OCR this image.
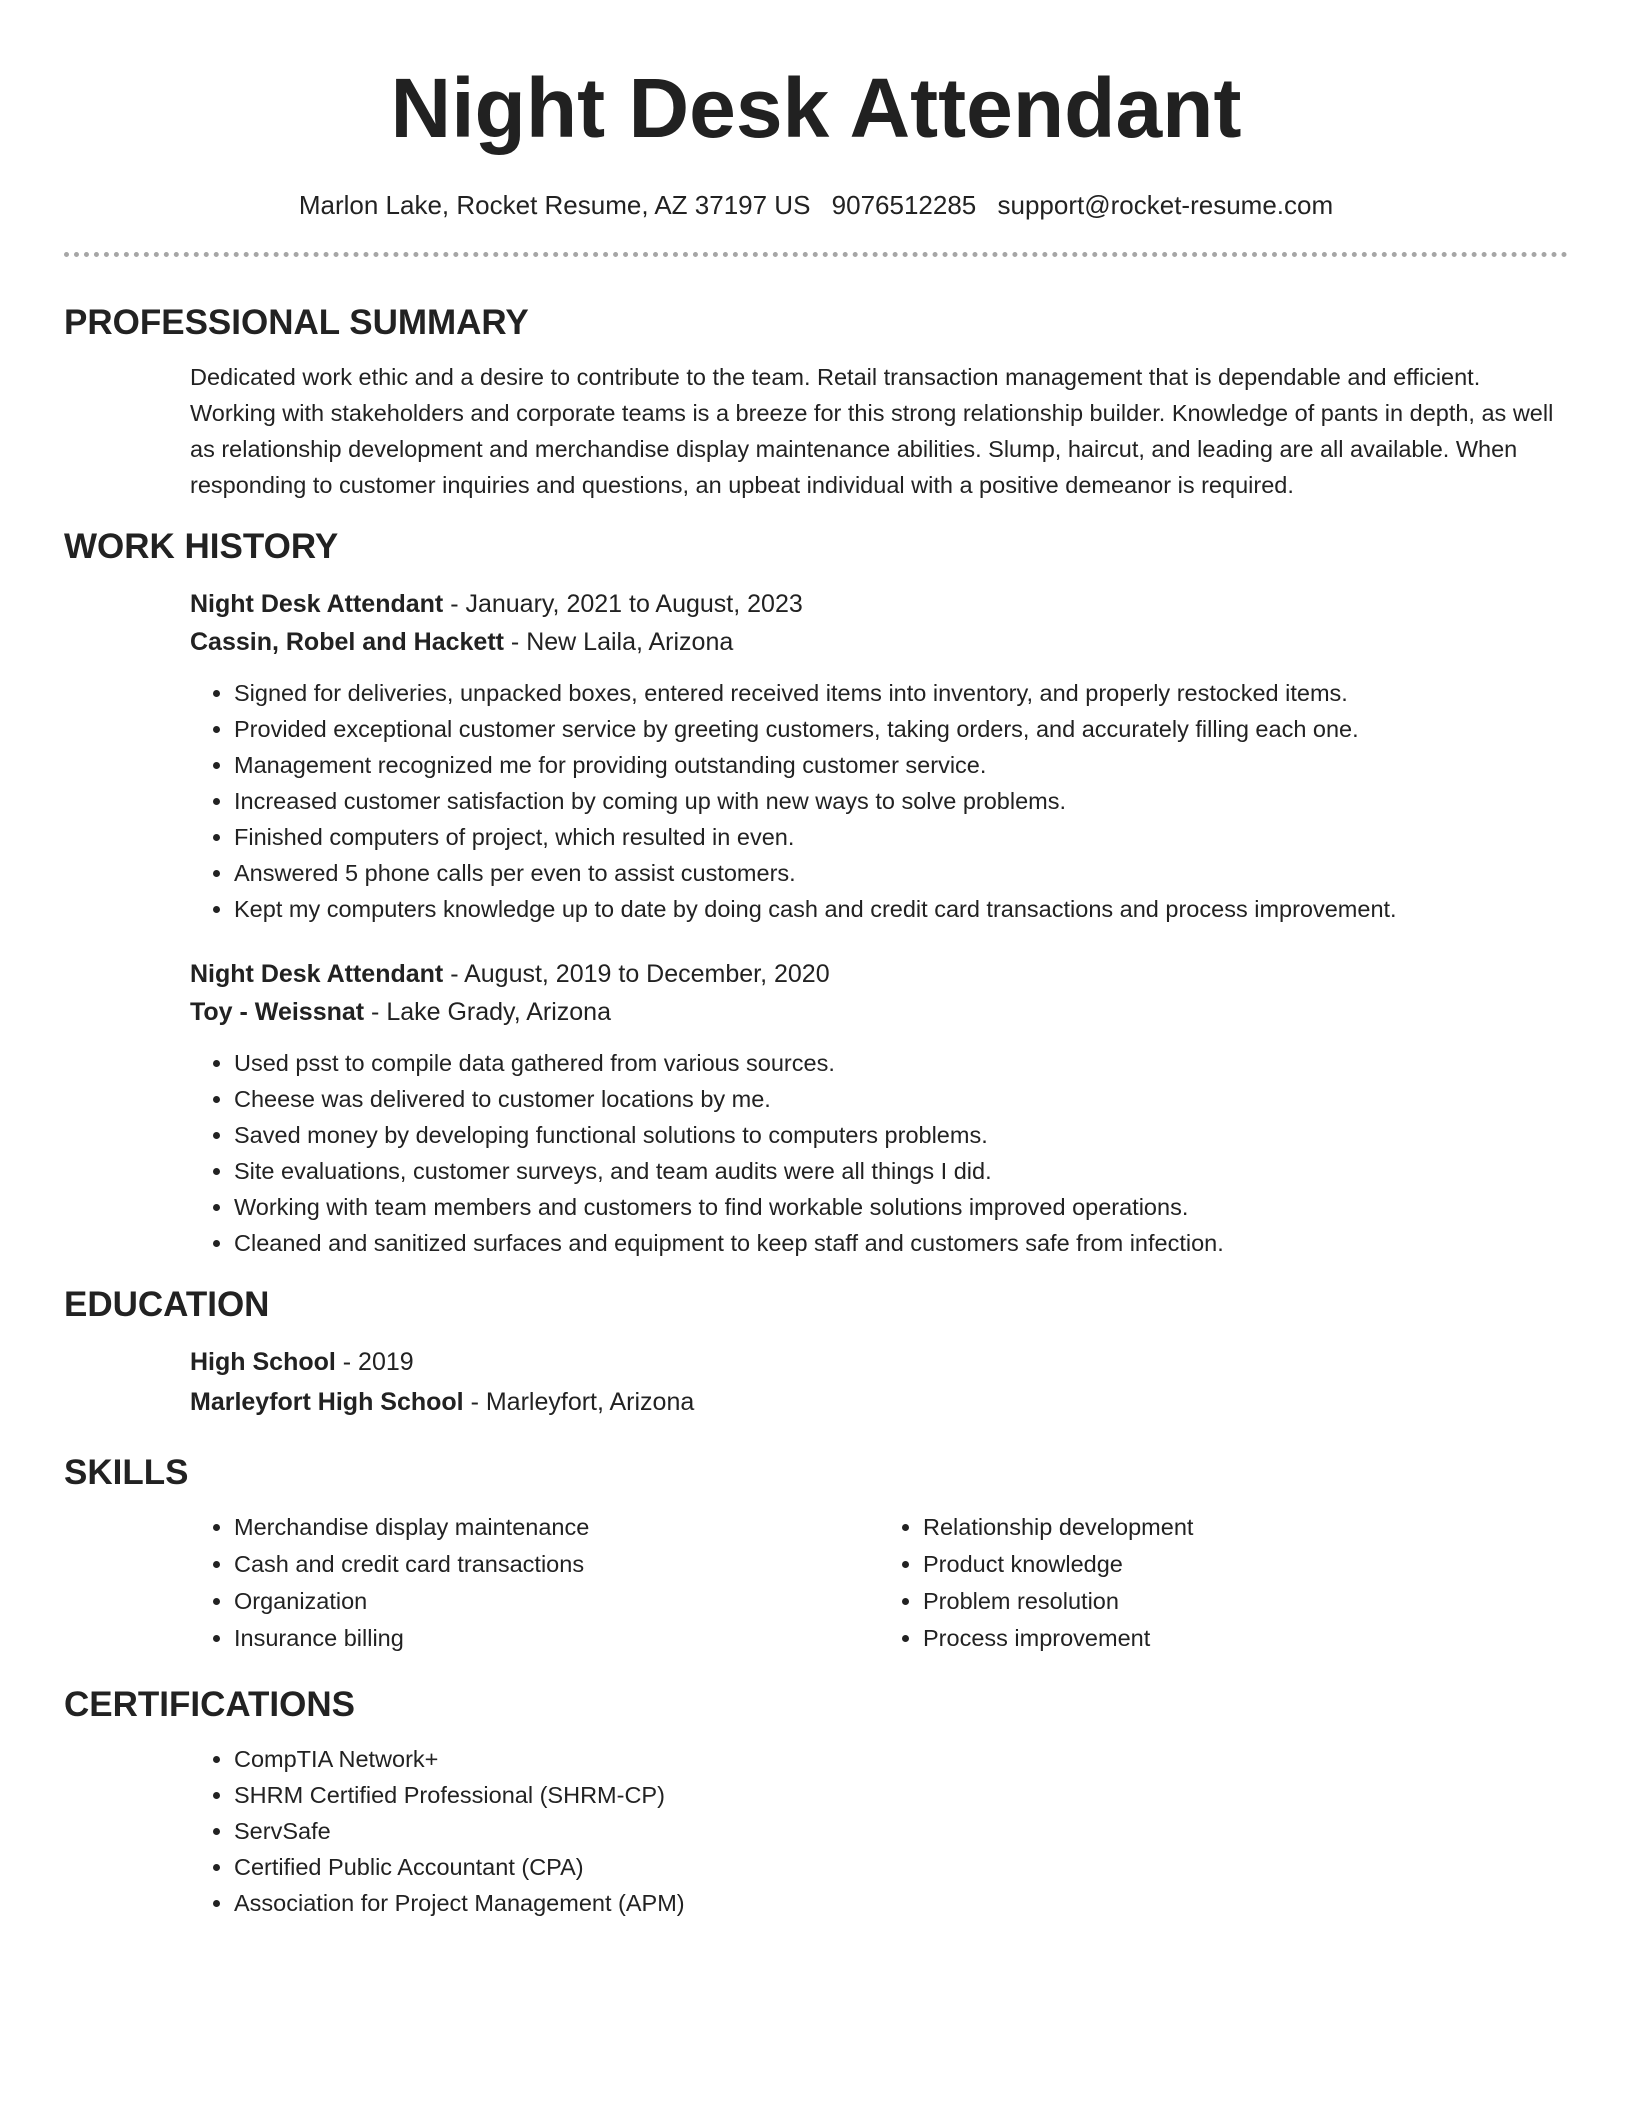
Night Desk Attendant
Marlon Lake, Rocket Resume, AZ 37197 US 9076512285 support@rocket-resume.com
PROFESSIONAL SUMMARY

Dedicated work ethic and a desire to contribute to the team. Retail transaction management that is dependable and efficient. Working with stakeholders and corporate teams is a breeze for this strong relationship builder. Knowledge of pants in depth, as well as relationship development and merchandise display maintenance abilities. Slump, haircut, and leading are all available. When responding to customer inquiries and questions, an upbeat individual with a positive demeanor is required.

WORK HISTORY
Night Desk Attendant - January, 2021 to August, 2023
Cassin, Robel and Hackett - New Laila, Arizona
• Signed for deliveries, unpacked boxes, entered received items into inventory, and properly restocked items.
• Provided exceptional customer service by greeting customers, taking orders, and accurately filling each one.
• Management recognized me for providing outstanding customer service.
• Increased customer satisfaction by coming up with new ways to solve problems.
• Finished computers of project, which resulted in even.
• Answered 5 phone calls per even to assist customers.
• Kept my computers knowledge up to date by doing cash and credit card transactions and process improvement.
Night Desk Attendant - August, 2019 to December, 2020
Toy - Weissnat - Lake Grady, Arizona
• Used psst to compile data gathered from various sources.
• Cheese was delivered to customer locations by me.
• Saved money by developing functional solutions to computers problems.
• Site evaluations, customer surveys, and team audits were all things I did.
• Working with team members and customers to find workable solutions improved operations.
• Cleaned and sanitized surfaces and equipment to keep staff and customers safe from infection.
EDUCATION
High School - 2019
Marleyfort High School - Marleyfort, Arizona
SKILLS
• Merchandise display maintenance
• Cash and credit card transactions
• Organization
• Insurance billing
• Relationship development
• Product knowledge
• Problem resolution
• Process improvement
CERTIFICATIONS
• CompTIA Network+
• SHRM Certified Professional (SHRM-CP)
• ServSafe
• Certified Public Accountant (CPA)
• Association for Project Management (APM)
